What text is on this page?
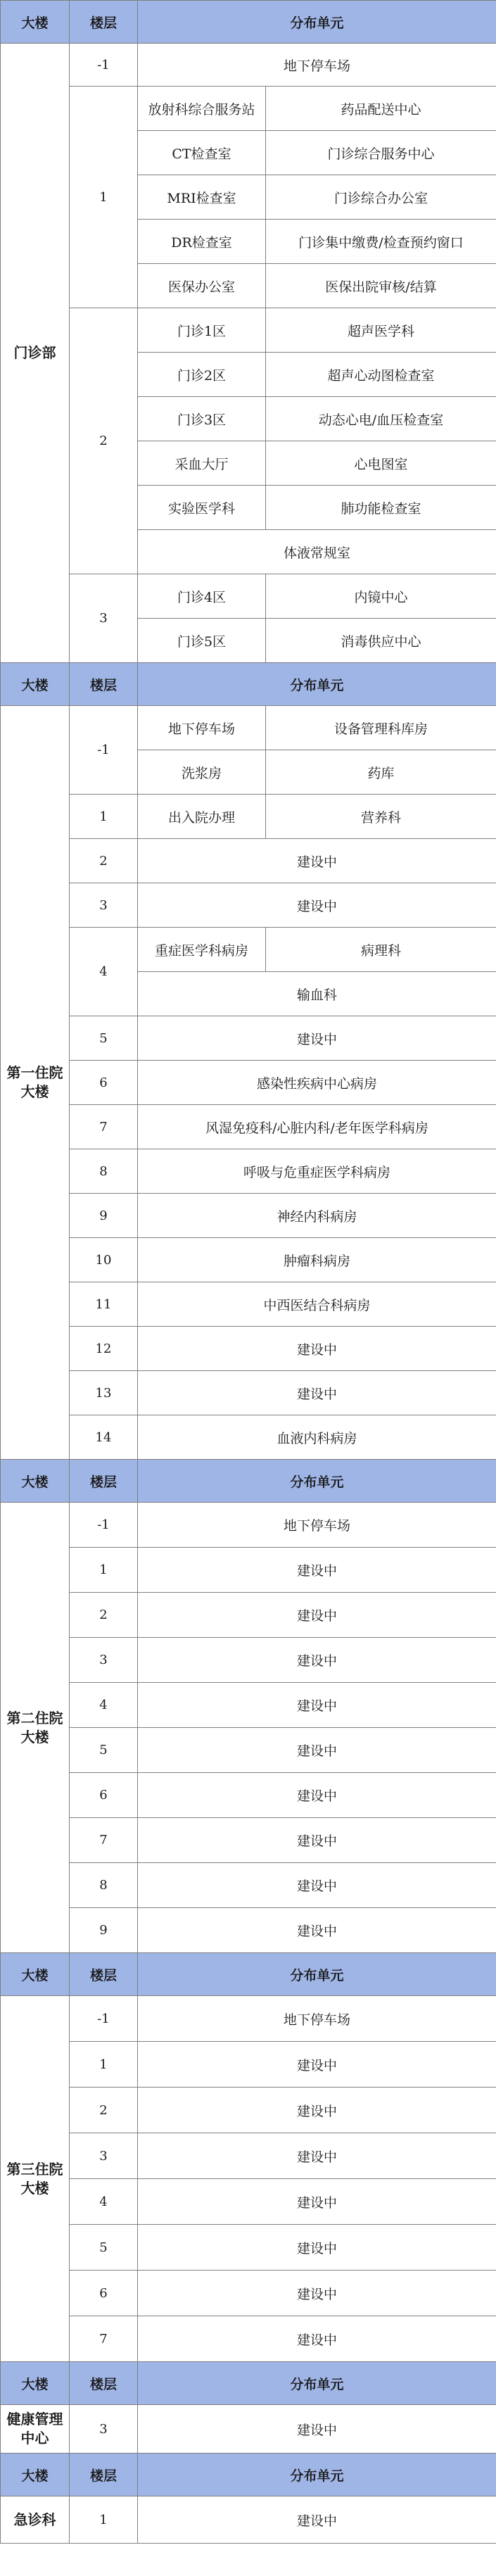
大楼	楼层	分布单元	
门诊部	-1	地下停车场	
	1	放射科综合服务站	药品配送中心
		CT检查室	门诊综合服务中心
		MRI检查室	门诊综合办公室
		DR检查室	门诊集中缴费/检查预约窗口
		医保办公室	医保出院审核/结算
	2	门诊1区	超声医学科
		门诊2区	超声心动图检查室
		门诊3区	动态心电/血压检查室
		采血大厅	心电图室
		实验医学科	肺功能检查室
		体液常规室	
	3	门诊4区	内镜中心
		门诊5区	消毒供应中心
大楼	楼层	分布单元	
第一住院大楼	-1	地下停车场	设备管理科库房
		洗浆房	药库
	1	出入院办理	营养科
	2	建设中	
	3	建设中	
	4	重症医学科病房	病理科
		输血科	
	5	建设中	
	6	感染性疾病中心病房	
	7	风湿免疫科/心脏内科/老年医学科病房	
	8	呼吸与危重症医学科病房	
	9	神经内科病房	
	10	肿瘤科病房	
	11	中西医结合科病房	
	12	建设中	
	13	建设中	
	14	血液内科病房	
大楼	楼层	分布单元	
第二住院大楼	-1	地下停车场	
	1	建设中	
	2	建设中	
	3	建设中	
	4	建设中	
	5	建设中	
	6	建设中	
	7	建设中	
	8	建设中	
	9	建设中	
大楼	楼层	分布单元	
第三住院大楼	-1	地下停车场	
	1	建设中	
	2	建设中	
	3	建设中	
	4	建设中	
	5	建设中	
	6	建设中	
	7	建设中	
大楼	楼层	分布单元	
健康管理中心	3	建设中	
大楼	楼层	分布单元	
急诊科	1	建设中	
